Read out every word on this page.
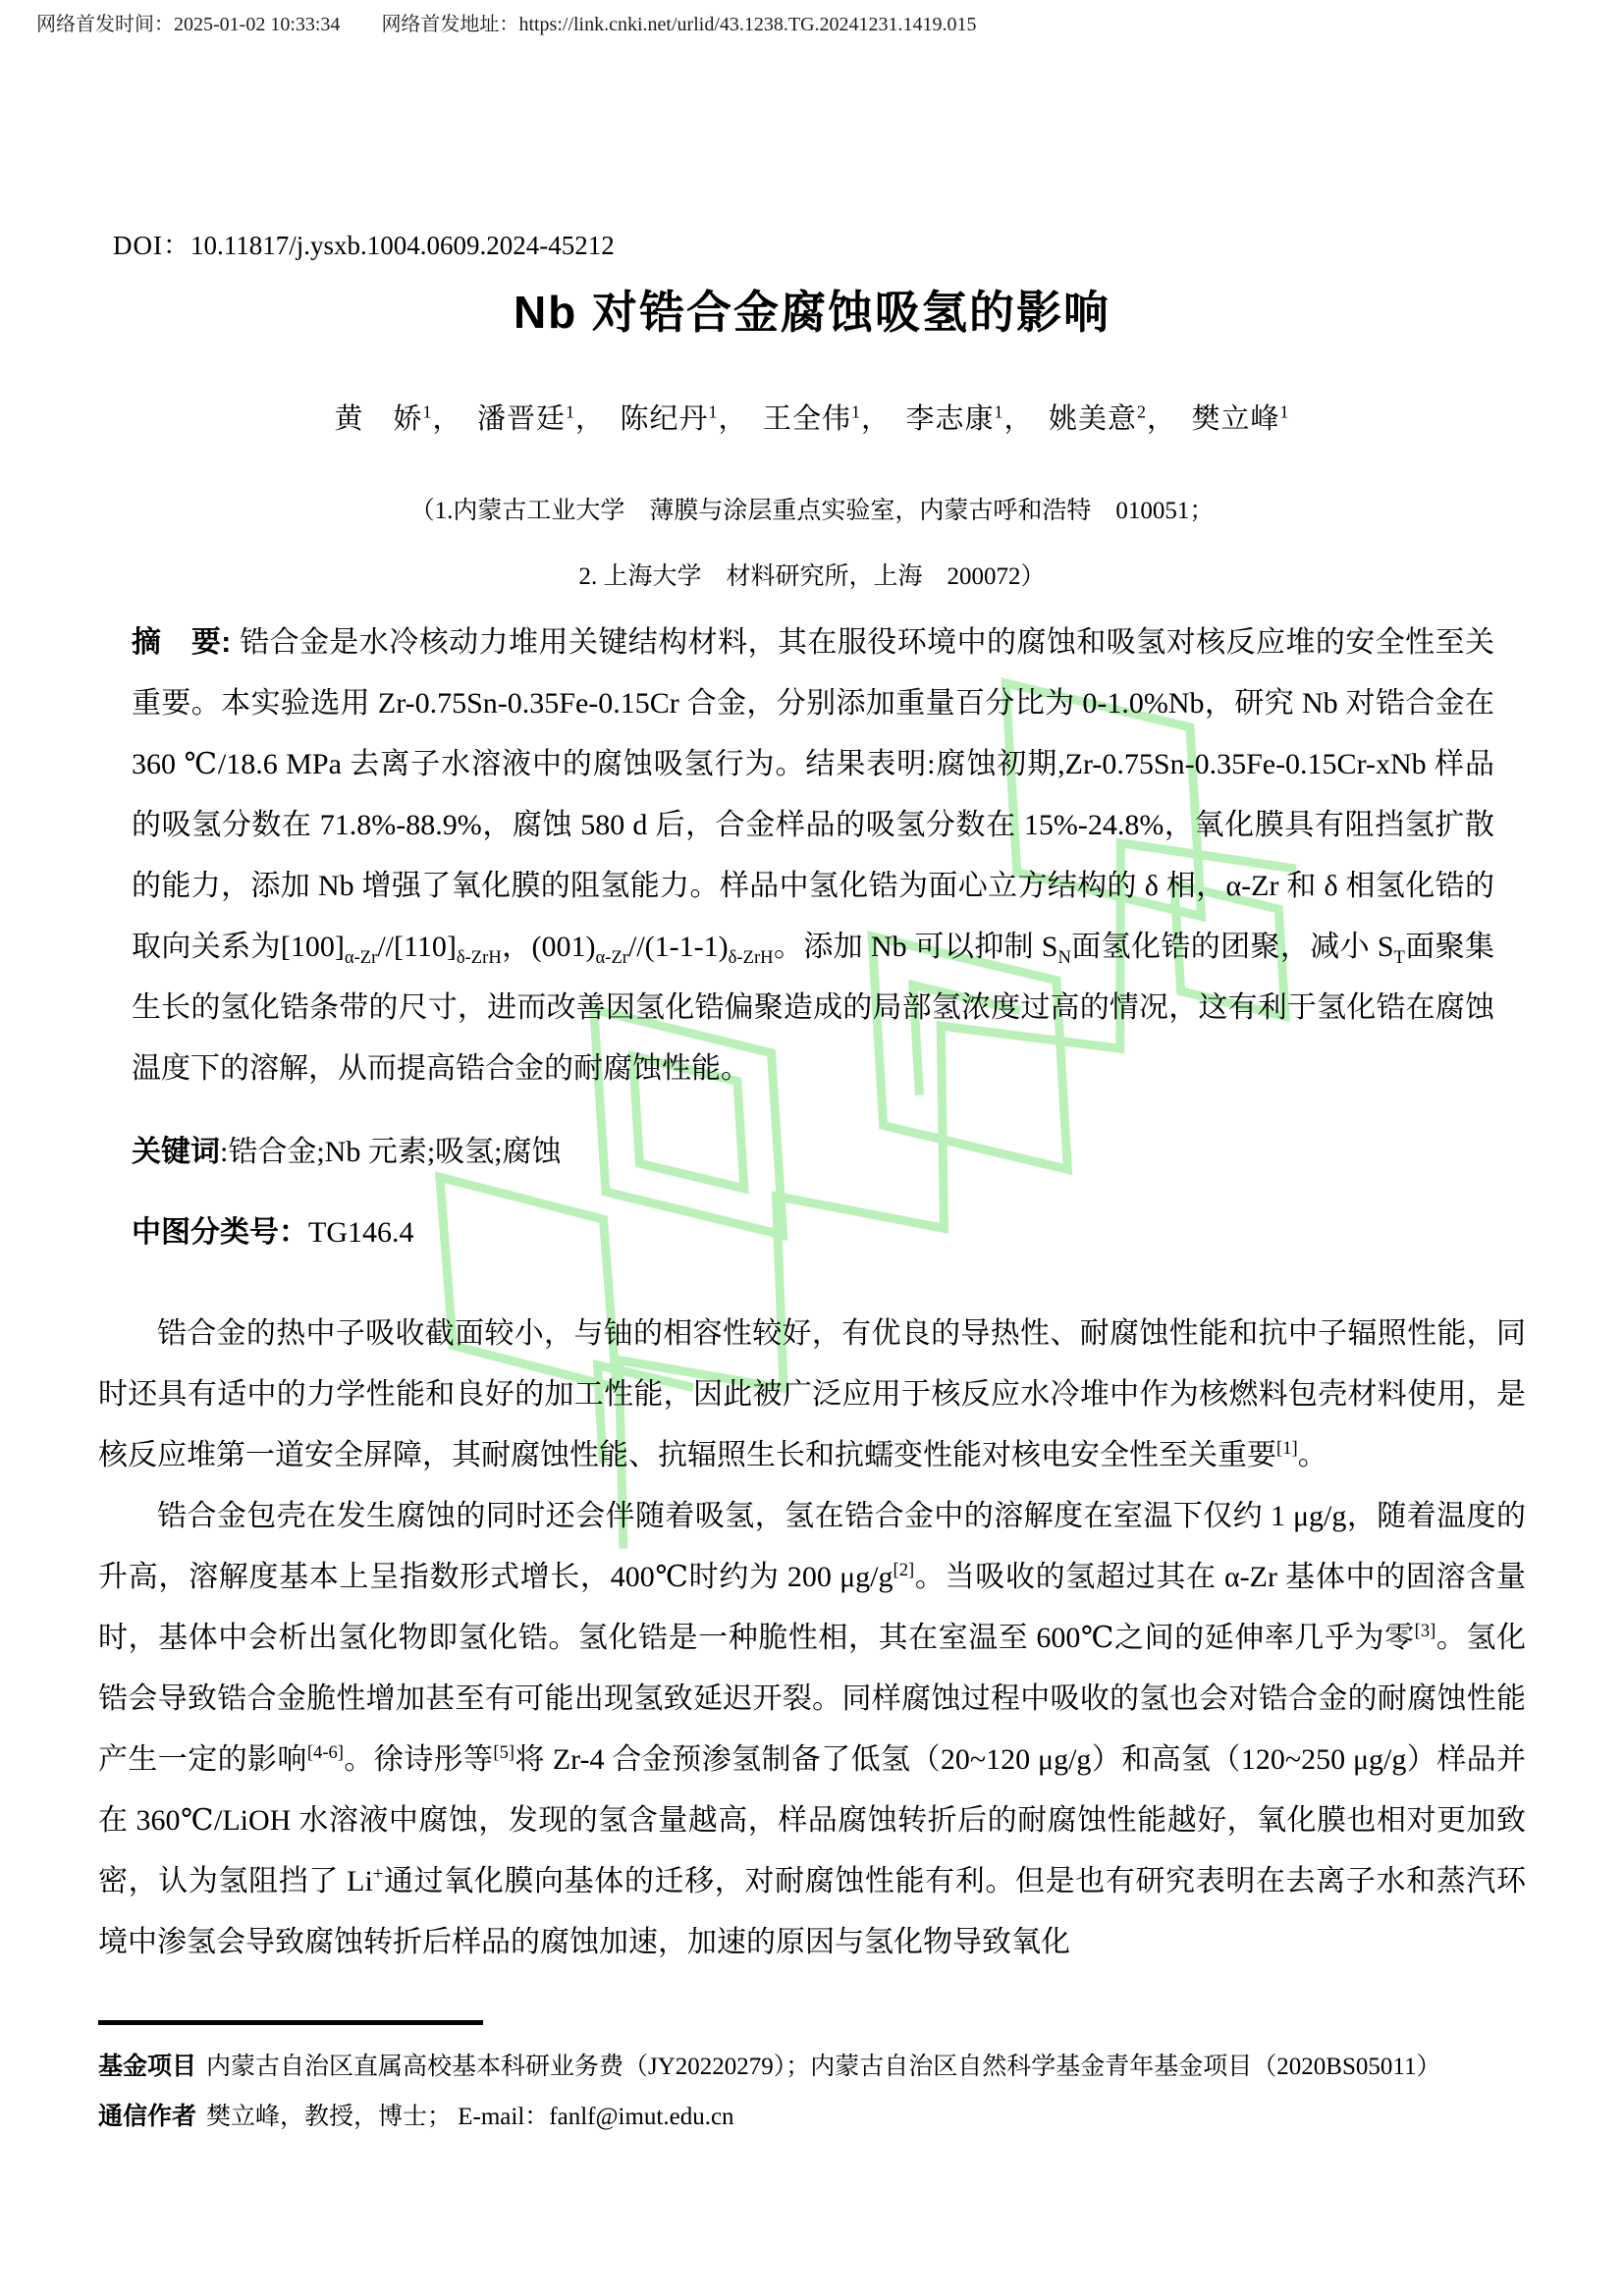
网络首发时间：2025-01-02 10:33:34 网络首发地址：https://link.cnki.net/urlid/43.1238.TG.20241231.1419.015
DOI：10.11817/j.ysxb.1004.0609.2024-45212
Nb 对锆合金腐蚀吸氢的影响
黄　娇$^1$，　潘晋廷$^1$，　陈纪丹$^1$，　王全伟$^1$，　李志康$^1$，　姚美意$^2$，　樊立峰$^1$
（1.内蒙古工业大学　薄膜与涂层重点实验室，内蒙古呼和浩特　010051；
2. 上海大学　材料研究所，上海　200072）
摘　要: 锆合金是水冷核动力堆用关键结构材料，其在服役环境中的腐蚀和吸氢对核反应堆的安全性至关重要。本实验选用 Zr-0.75Sn-0.35Fe-0.15Cr 合金，分别添加重量百分比为 0-1.0%Nb，研究 Nb 对锆合金在 360 ℃/18.6 MPa 去离子水溶液中的腐蚀吸氢行为。结果表明:腐蚀初期,Zr-0.75Sn-0.35Fe-0.15Cr-xNb 样品的吸氢分数在 71.8%-88.9%，腐蚀 580 d 后，合金样品的吸氢分数在 15%-24.8%，氧化膜具有阻挡氢扩散的能力，添加 Nb 增强了氧化膜的阻氢能力。样品中氢化锆为面心立方结构的 δ 相，α-Zr 和 δ 相氢化锆的取向关系为$[100]_{\alpha-Zr}//[110]_{\delta-ZrH}$，$(001)_{\alpha-Zr}//(1-1-1)_{\delta-ZrH}$。添加 Nb 可以抑制 $S_N$面氢化锆的团聚，减小 $S_T$面聚集生长的氢化锆条带的尺寸，进而改善因氢化锆偏聚造成的局部氢浓度过高的情况，这有利于氢化锆在腐蚀温度下的溶解，从而提高锆合金的耐腐蚀性能。
关键词:锆合金;Nb 元素;吸氢;腐蚀
中图分类号：TG146.4

锆合金的热中子吸收截面较小，与铀的相容性较好，有优良的导热性、耐腐蚀性能和抗中子辐照性能，同时还具有适中的力学性能和良好的加工性能，因此被广泛应用于核反应水冷堆中作为核燃料包壳材料使用，是核反应堆第一道安全屏障，其耐腐蚀性能、抗辐照生长和抗蠕变性能对核电安全性至关重要[1]。

锆合金包壳在发生腐蚀的同时还会伴随着吸氢，氢在锆合金中的溶解度在室温下仅约 1 μg/g，随着温度的升高，溶解度基本上呈指数形式增长，400℃时约为 200 μg/g[2]。当吸收的氢超过其在 α-Zr 基体中的固溶含量时，基体中会析出氢化物即氢化锆。氢化锆是一种脆性相，其在室温至 600℃之间的延伸率几乎为零[3]。氢化锆会导致锆合金脆性增加甚至有可能出现氢致延迟开裂。同样腐蚀过程中吸收的氢也会对锆合金的耐腐蚀性能产生一定的影响[4-6]。徐诗彤等[5]将 Zr-4 合金预渗氢制备了低氢（20~120 μg/g）和高氢（120~250 μg/g）样品并在 360℃/LiOH 水溶液中腐蚀，发现的氢含量越高，样品腐蚀转折后的耐腐蚀性能越好，氧化膜也相对更加致密，认为氢阻挡了 Li+通过氧化膜向基体的迁移，对耐腐蚀性能有利。但是也有研究表明在去离子水和蒸汽环境中渗氢会导致腐蚀转折后样品的腐蚀加速，加速的原因与氢化物导致氧化

基金项目 内蒙古自治区直属高校基本科研业务费（JY20220279）；内蒙古自治区自然科学基金青年基金项目（2020BS05011）
通信作者 樊立峰，教授，博士； E-mail：fanlf@imut.edu.cn
